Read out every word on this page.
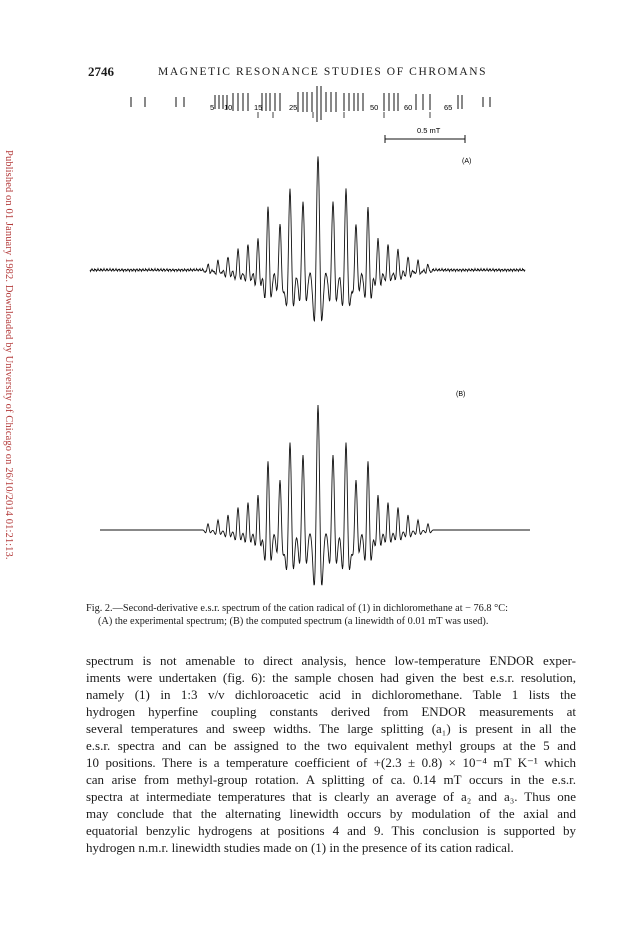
Published on 01 January 1982. Downloaded by University of Chicago on 26/10/2014 01:21:13.
2746	MAGNETIC RESONANCE STUDIES OF CHROMANS
5 10	15	25	50	60	65
0.5 mT
(A)
(B)
Fig. 2.—Second-derivative e.s.r. spectrum of the cation radical of (1) in dichloromethane at − 76.8 °C:
(A) the experimental spectrum; (B) the computed spectrum (a linewidth of 0.01 mT was used).
spectrum is not amenable to direct analysis, hence low-temperature ENDOR exper-
iments were undertaken (fig. 6): the sample chosen had given the best e.s.r. resolution,
namely (1) in 1:3 v/v dichloroacetic acid in dichloromethane. Table 1 lists the
hydrogen hyperfine coupling constants derived from ENDOR measurements at
several temperatures and sweep widths. The large splitting (a₁) is present in all the
e.s.r. spectra and can be assigned to the two equivalent methyl groups at the 5 and
10 positions. There is a temperature coefficient of +(2.3 ± 0.8) × 10⁻⁴ mT K⁻¹ which
can arise from methyl-group rotation. A splitting of ca. 0.14 mT occurs in the e.s.r.
spectra at intermediate temperatures that is clearly an average of a₂ and a₃. Thus one
may conclude that the alternating linewidth occurs by modulation of the axial and
equatorial benzylic hydrogens at positions 4 and 9. This conclusion is supported by
hydrogen n.m.r. linewidth studies made on (1) in the presence of its cation radical.
